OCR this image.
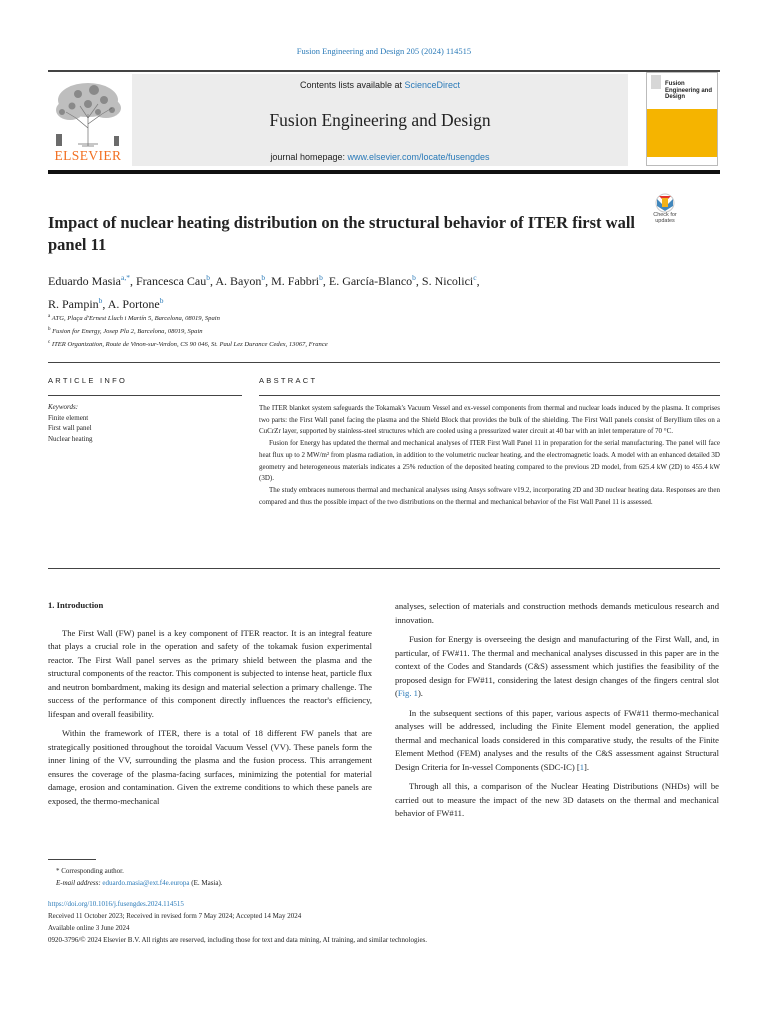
Fusion Engineering and Design 205 (2024) 114515
ELSEVIER
Contents lists available at ScienceDirect
Fusion Engineering and Design
journal homepage: www.elsevier.com/locate/fusengdes
Fusion Engineering and Design
Impact of nuclear heating distribution on the structural behavior of ITER first wall panel 11
Check for updates
Eduardo Masia$^{a,*}$, Francesca Cau$^b$, A. Bayon$^b$, M. Fabbri$^b$, E. García-Blanco$^b$, S. Nicolici$^c$,
R. Pampin$^b$, A. Portone$^b$
$^a$ ATG, Plaça d'Ernest Lluch i Martín 5, Barcelona, 08019, Spain
$^b$ Fusion for Energy, Josep Pla 2, Barcelona, 08019, Spain
$^c$ ITER Organization, Route de Vinon-sur-Verdon, CS 90 046, St. Paul Lez Durance Cedex, 13067, France
ARTICLE INFO	ABSTRACT
Keywords:
Finite element
First wall panel
Nuclear heating

The ITER blanket system safeguards the Tokamak's Vacuum Vessel and ex-vessel components from thermal and nuclear loads induced by the plasma. It comprises two parts: the First Wall panel facing the plasma and the Shield Block that provides the bulk of the shielding. The First Wall panels consist of Beryllium tiles on a CuCrZr layer, supported by stainless-steel structures which are cooled using a pressurized water circuit at 40 bar with an inlet temperature of 70 °C.

Fusion for Energy has updated the thermal and mechanical analyses of ITER First Wall Panel 11 in preparation for the serial manufacturing. The panel will face heat flux up to 2 MW/m² from plasma radiation, in addition to the volumetric nuclear heating, and the electromagnetic loads. A model with an enhanced detailed 3D geometry and heterogeneous materials indicates a 25% reduction of the deposited heating compared to the previous 2D model, from 625.4 kW (2D) to 455.4 kW (3D).

The study embraces numerous thermal and mechanical analyses using Ansys software v19.2, incorporating 2D and 3D nuclear heating data. Responses are then compared and thus the possible impact of the two distributions on the thermal and mechanical behavior of the Fist Wall Panel 11 is assessed.

1. Introduction

The First Wall (FW) panel is a key component of ITER reactor. It is an integral feature that plays a crucial role in the operation and safety of the tokamak fusion experimental reactor. The First Wall panel serves as the primary shield between the plasma and the structural components of the reactor. This component is subjected to intense heat, particle flux and neutron bombardment, making its design and material selection a primary challenge. The success of the performance of this component directly influences the reactor's efficiency, lifespan and overall feasibility.

Within the framework of ITER, there is a total of 18 different FW panels that are strategically positioned throughout the toroidal Vacuum Vessel (VV). These panels form the inner lining of the VV, surrounding the plasma and the fusion process. This arrangement ensures the coverage of the plasma-facing surfaces, minimizing the potential for material damage, erosion and contamination. Given the extreme conditions to which these panels are exposed, the thermo-mechanical

analyses, selection of materials and construction methods demands meticulous research and innovation.

Fusion for Energy is overseeing the design and manufacturing of the First Wall, and, in particular, of FW#11. The thermal and mechanical analyses discussed in this paper are in the context of the Codes and Standards (C&S) assessment which justifies the feasibility of the proposed design for FW#11, considering the latest design changes of the fingers central slot (Fig. 1).

In the subsequent sections of this paper, various aspects of FW#11 thermo-mechanical analyses will be addressed, including the Finite Element model generation, the applied thermal and mechanical loads considered in this comparative study, the results of the Finite Element Method (FEM) analyses and the results of the C&S assessment against Structural Design Criteria for In-vessel Components (SDC-IC) [1].

Through all this, a comparison of the Nuclear Heating Distributions (NHDs) will be carried out to measure the impact of the new 3D datasets on the thermal and mechanical behavior of FW#11.

* Corresponding author.
E-mail address: eduardo.masia@ext.f4e.europa (E. Masia).
https://doi.org/10.1016/j.fusengdes.2024.114515
Received 11 October 2023; Received in revised form 7 May 2024; Accepted 14 May 2024
Available online 3 June 2024
0920-3796/© 2024 Elsevier B.V. All rights are reserved, including those for text and data mining, AI training, and similar technologies.
